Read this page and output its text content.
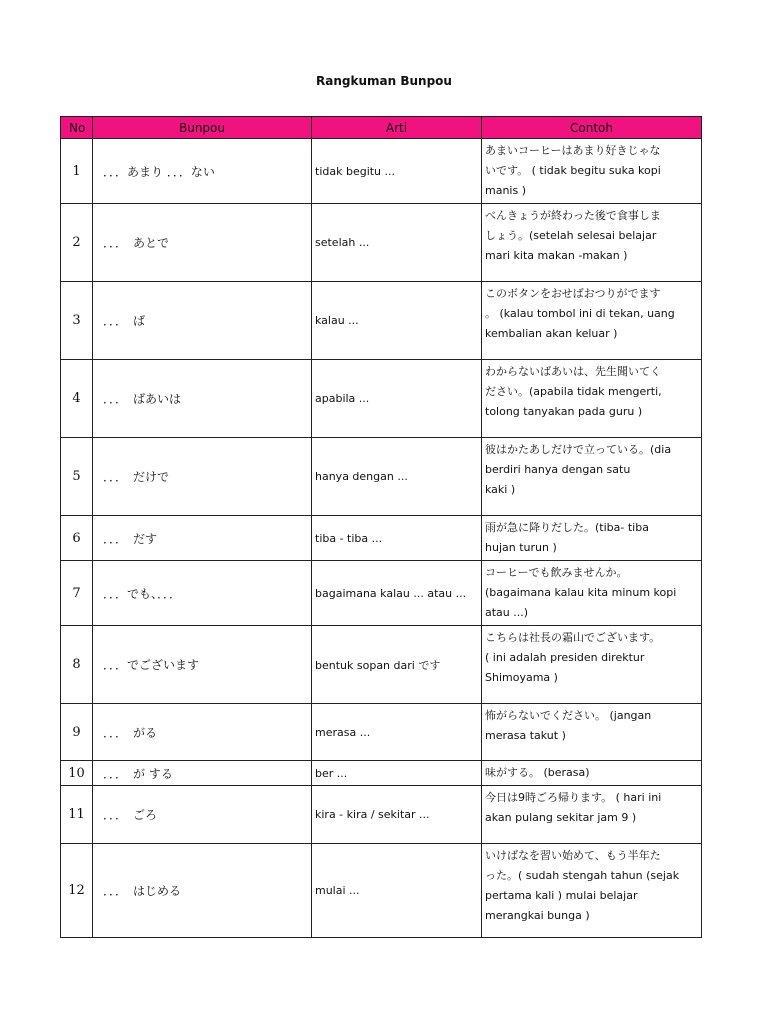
Rangkuman Bunpou
No	Bunpou	Arti	Contoh
1	．．．あまり ．．．ない	tidak begitu ...	あまいコーヒーはあまり好きじゃな
いです。 ( tidak begitu suka kopi
manis )

2	．．．　あとで	setelah ...	べんきょうが終わった後で食事しま
しょう。(setelah selesai belajar
mari kita makan -makan )

3	．．．　ば	kalau ...	このボタンをおせばおつりがでます
。 (kalau tombol ini di tekan, uang
kembalian akan keluar )

4	．．．　ばあいは	apabila ...	わからないばあいは、先生聞いてく
ださい。(apabila tidak mengerti,
tolong tanyakan pada guru )

5	．．．　だけで	hanya dengan ...	彼はかたあしだけで立っている。(dia
berdiri hanya dengan satu
kaki )

6	．．．　だす	tiba - tiba ...	雨が急に降りだした。(tiba- tiba
hujan turun )

7	．．．でも、．．．	bagaimana kalau ... atau ...	コーヒーでも飲みませんか。
(bagaimana kalau kita minum kopi
atau ...)

8	．．．でございます	bentuk sopan dari です	こちらは社長の霜山でございます。
( ini adalah presiden direktur
Shimoyama )

9	．．．　がる	merasa ...	怖がらないでください。 (jangan
merasa takut )

10	．．．　が する	ber ...	味がする。 (berasa)

11	．．．　ごろ	kira - kira / sekitar ...	今日は9時ごろ帰ります。 ( hari ini
akan pulang sekitar jam 9 )

12	．．．　はじめる	mulai ...	いけばなを習い始めて、もう半年た
った。( sudah stengah tahun (sejak
pertama kali ) mulai belajar
merangkai bunga )
